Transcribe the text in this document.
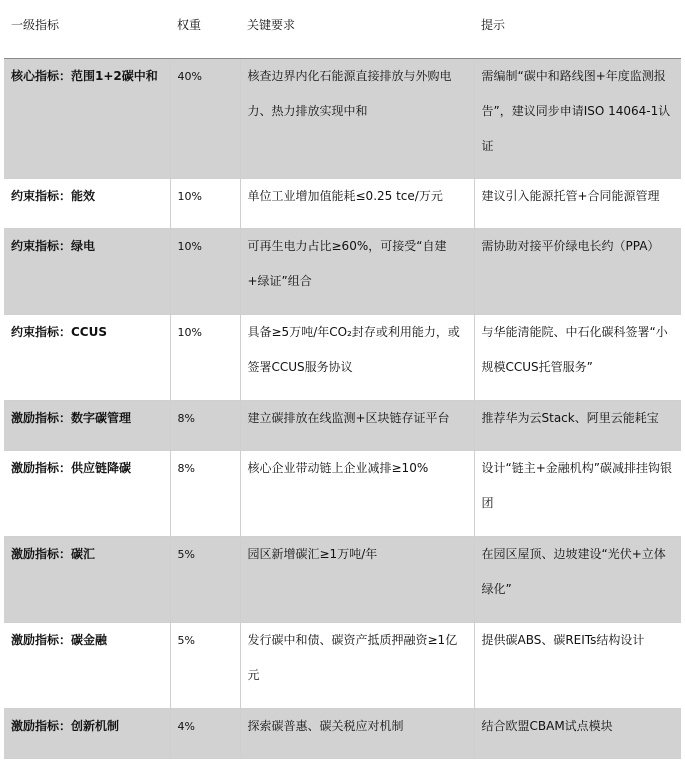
一级指标	权重	关键要求	提示
核心指标：范围1+2碳中和	40%	核查边界内化石能源直接排放与外购电力、热力排放实现中和	需编制“碳中和路线图+年度监测报告”，建议同步申请ISO 14064-1认证
约束指标：能效	10%	单位工业增加值能耗≤0.25 tce/万元	建议引入能源托管+合同能源管理
约束指标：绿电	10%	可再生电力占比≥60%，可接受“自建+绿证”组合	需协助对接平价绿电长约（PPA）
约束指标：CCUS	10%	具备≥5万吨/年CO₂封存或利用能力，或签署CCUS服务协议	与华能清能院、中石化碳科签署“小规模CCUS托管服务”
激励指标：数字碳管理	8%	建立碳排放在线监测+区块链存证平台	推荐华为云Stack、阿里云能耗宝
激励指标：供应链降碳	8%	核心企业带动链上企业减排≥10%	设计“链主+金融机构”碳减排挂钩银团
激励指标：碳汇	5%	园区新增碳汇≥1万吨/年	在园区屋顶、边坡建设“光伏+立体绿化”
激励指标：碳金融	5%	发行碳中和债、碳资产抵质押融资≥1亿元	提供碳ABS、碳REITs结构设计
激励指标：创新机制	4%	探索碳普惠、碳关税应对机制	结合欧盟CBAM试点模块
